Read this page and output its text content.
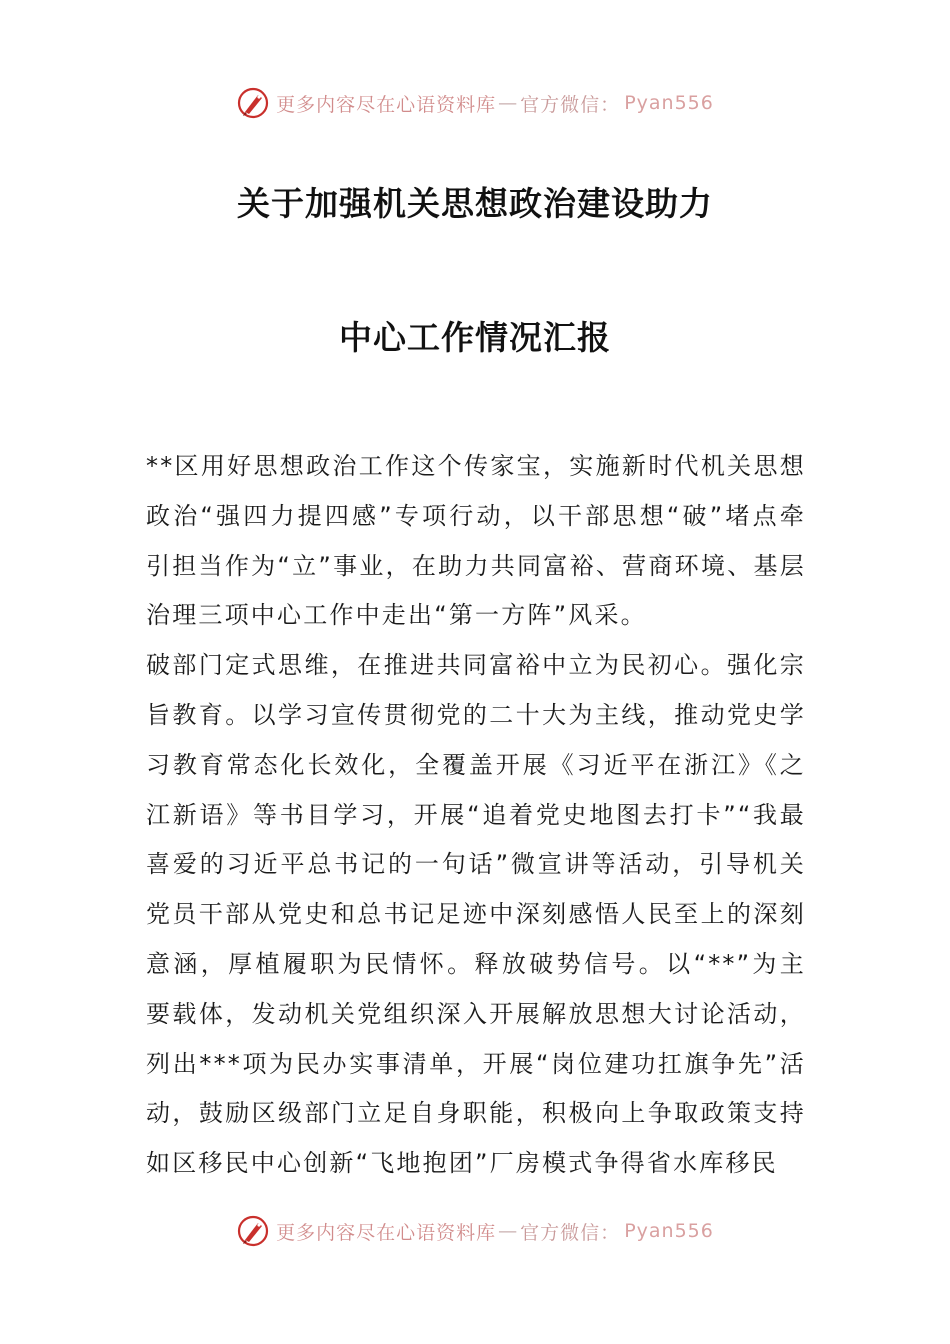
更多内容尽在心语资料库 — 官方微信： Pyan556
关于加强机关思想政治建设助力
中心工作情况汇报

**区用好思想政治工作这个传家宝，实施新时代机关思想政治“强四力提四感”专项行动，以干部思想“破”堵点牵引担当作为“立”事业，在助力共同富裕、营商环境、基层治理三项中心工作中走出“第一方阵”风采。

破部门定式思维，在推进共同富裕中立为民初心。强化宗旨教育。以学习宣传贯彻党的二十大为主线，推动党史学习教育常态化长效化，全覆盖开展《习近平在浙江》《之江新语》等书目学习，开展“追着党史地图去打卡”“我最喜爱的习近平总书记的一句话”微宣讲等活动，引导机关党员干部从党史和总书记足迹中深刻感悟人民至上的深刻意涵，厚植履职为民情怀。释放破势信号。以“**”为主要载体，发动机关党组织深入开展解放思想大讨论活动，列出***项为民办实事清单，开展“岗位建功扛旗争先”活动，鼓励区级部门立足自身职能，积极向上争取政策支持如区移民中心创新“飞地抱团”厂房模式争得省水库移民

更多内容尽在心语资料库 — 官方微信： Pyan556
